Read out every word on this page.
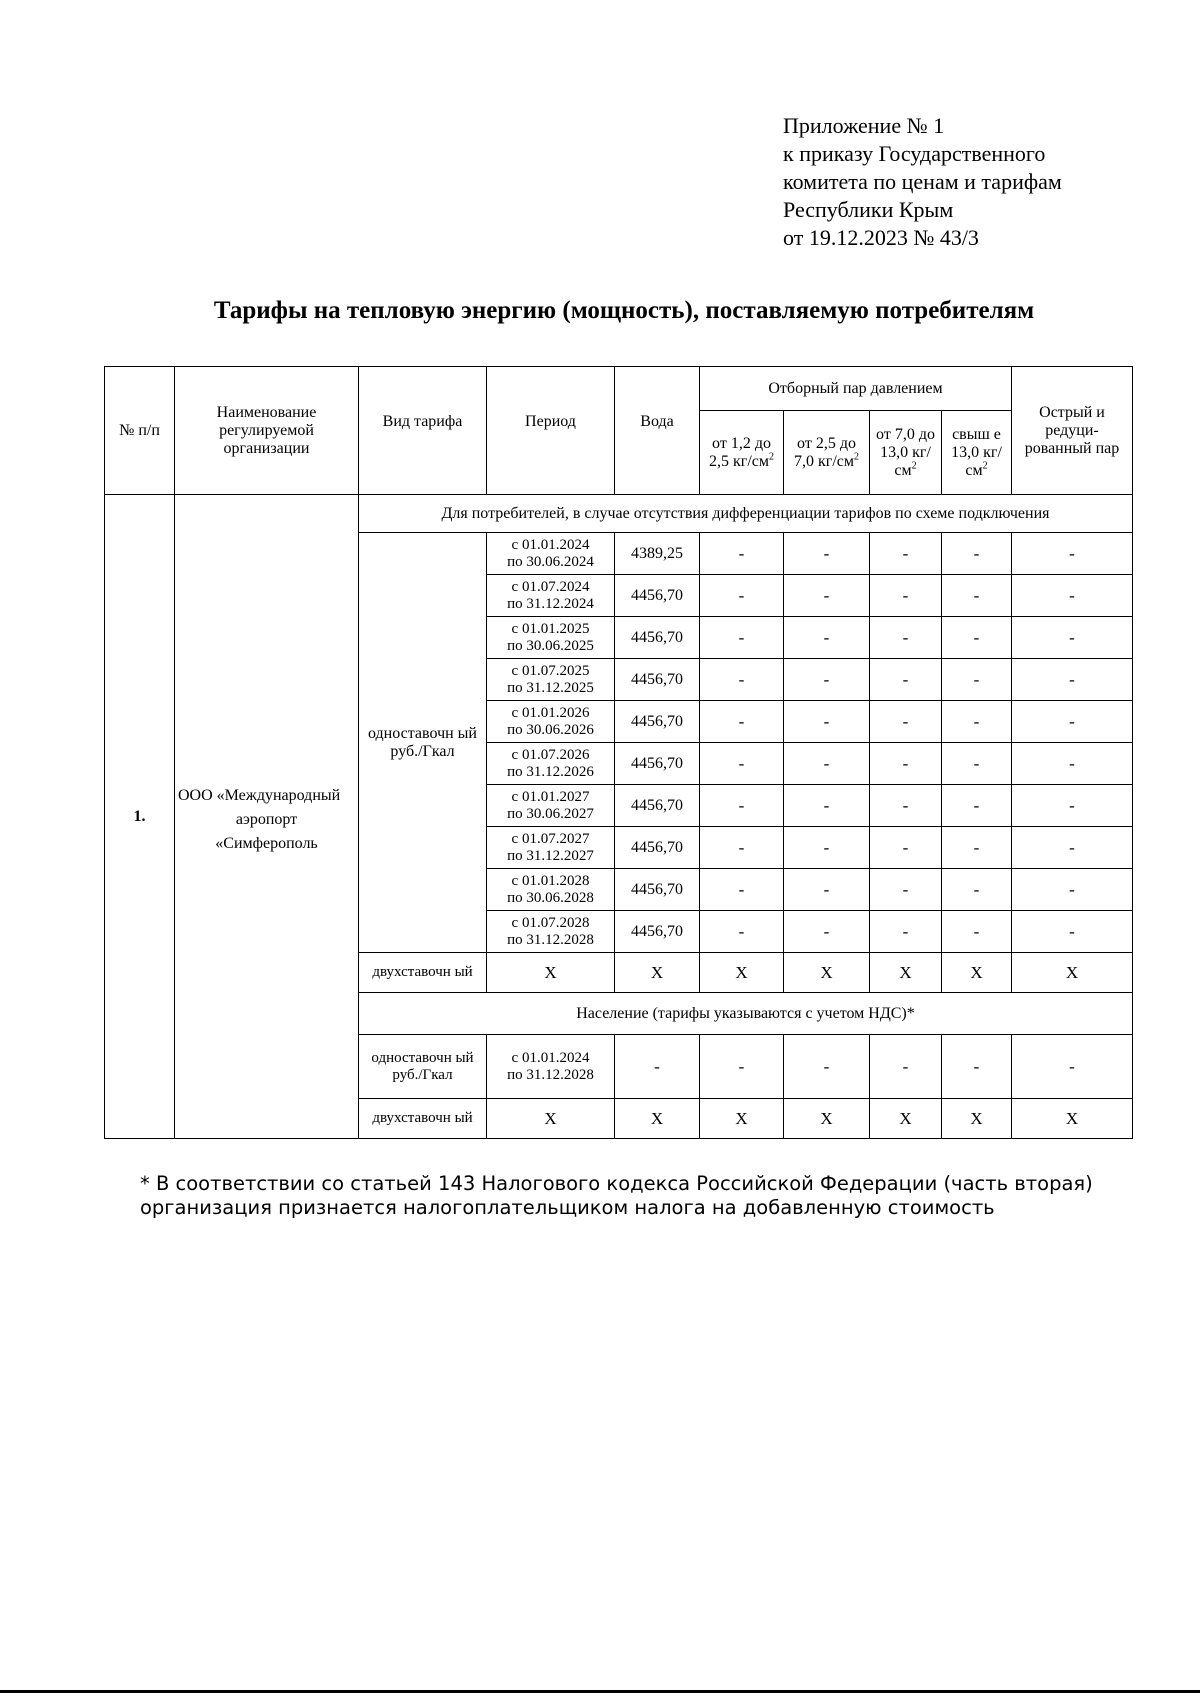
Приложение № 1
к приказу Государственного
комитета по ценам и тарифам
Республики Крым
от 19.12.2023 № 43/3
Тарифы на тепловую энергию (мощность), поставляемую потребителям
№ п/п	Наименование регулируемой организации	Вид тарифа	Период	Вода	Отборный пар давлением				Острый и редуци- рованный пар
					от 1,2 до 2,5 $кг/см^2$	от 2,5 до 7,0 $кг/см^2$	от 7,0 до 13,0 $кг/см^2$	свыш е 13,0 $кг/см^2$
1.	ООО «Международный
аэропорт
«Симферополь	Для потребителей, в случае отсутствия дифференциации тарифов по схеме подключения							
		одноставочн ый руб./Гкал	с 01.01.2024
по 30.06.2024	4389,25	-	-	-	-	-
			с 01.07.2024
по 31.12.2024	4456,70	-	-	-	-	-
			с 01.01.2025
по 30.06.2025	4456,70	-	-	-	-	-
			с 01.07.2025
по 31.12.2025	4456,70	-	-	-	-	-
			с 01.01.2026
по 30.06.2026	4456,70	-	-	-	-	-
			с 01.07.2026
по 31.12.2026	4456,70	-	-	-	-	-
			с 01.01.2027
по 30.06.2027	4456,70	-	-	-	-	-
			с 01.07.2027
по 31.12.2027	4456,70	-	-	-	-	-
			с 01.01.2028
по 30.06.2028	4456,70	-	-	-	-	-
			с 01.07.2028
по 31.12.2028	4456,70	-	-	-	-	-
		двухставочн ый	X	X	X	X	X	X	X
		Население (тарифы указываются с учетом НДС)*							
		одноставочн ый руб./Гкал	с 01.01.2024
по 31.12.2028	-	-	-	-	-	-
		двухставочн ый	X	X	X	X	X	X	X
* В соответствии со статьей 143 Налогового кодекса Российской Федерации (часть вторая)
организация признается налогоплательщиком налога на добавленную стоимость
